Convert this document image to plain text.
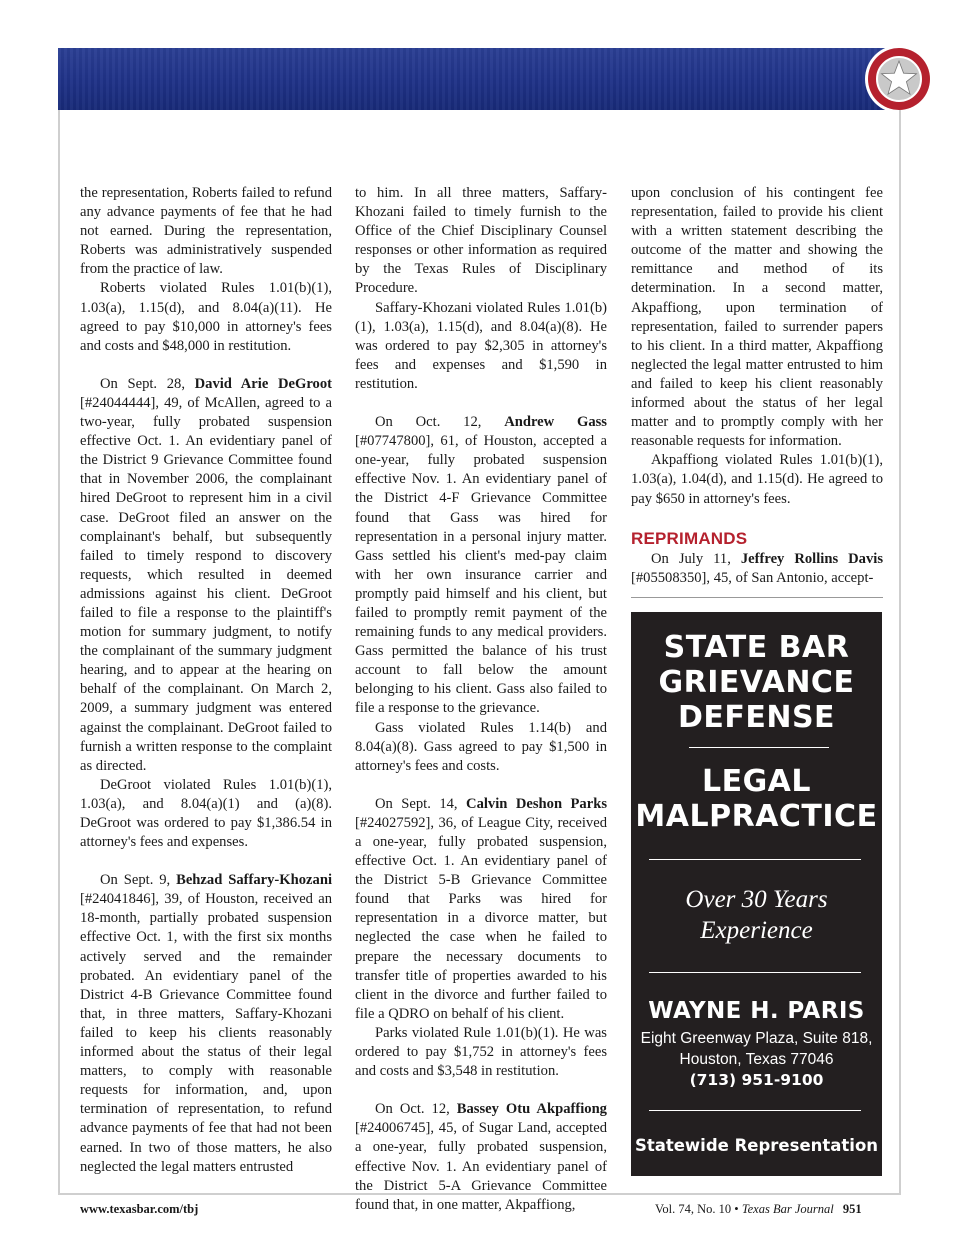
the representation, Roberts failed to refund any advance payments of fee that he had not earned. During the representation, Roberts was administratively suspended from the practice of law.

Roberts violated Rules 1.01(b)(1), 1.03(a), 1.15(d), and 8.04(a)(11). He agreed to pay $10,000 in attorney's fees and costs and $48,000 in restitution.

On Sept. 28, David Arie DeGroot [#24044444], 49, of McAllen, agreed to a two-year, fully probated suspension effective Oct. 1. An evidentiary panel of the District 9 Grievance Committee found that in November 2006, the complainant hired DeGroot to represent him in a civil case. DeGroot filed an answer on the complainant's behalf, but subsequently failed to timely respond to discovery requests, which resulted in deemed admissions against his client. DeGroot failed to file a response to the plaintiff's motion for summary judgment, to notify the complainant of the summary judgment hearing, and to appear at the hearing on behalf of the complainant. On March 2, 2009, a summary judgment was entered against the complainant. DeGroot failed to furnish a written response to the complaint as directed.

DeGroot violated Rules 1.01(b)(1), 1.03(a), and 8.04(a)(1) and (a)(8). DeGroot was ordered to pay $1,386.54 in attorney's fees and expenses.

On Sept. 9, Behzad Saffary-Khozani [#24041846], 39, of Houston, received an 18-month, partially probated suspension effective Oct. 1, with the first six months actively served and the remainder probated. An evidentiary panel of the District 4-B Grievance Committee found that, in three matters, Saffary-Khozani failed to keep his clients reasonably informed about the status of their legal matters, to comply with reasonable requests for information, and, upon termination of representation, to refund advance payments of fee that had not been earned. In two of those matters, he also neglected the legal matters entrusted

to him. In all three matters, Saffary-Khozani failed to timely furnish to the Office of the Chief Disciplinary Counsel responses or other information as required by the Texas Rules of Disciplinary Procedure.

Saffary-Khozani violated Rules 1.01(b)(1), 1.03(a), 1.15(d), and 8.04(a)(8). He was ordered to pay $2,305 in attorney's fees and expenses and $1,590 in restitution.

On Oct. 12, Andrew Gass [#07747800], 61, of Houston, accepted a one-year, fully probated suspension effective Nov. 1. An evidentiary panel of the District 4-F Grievance Committee found that Gass was hired for representation in a personal injury matter. Gass settled his client's med-pay claim with her own insurance carrier and promptly paid himself and his client, but failed to promptly remit payment of the remaining funds to any medical providers. Gass permitted the balance of his trust account to fall below the amount belonging to his client. Gass also failed to file a response to the grievance.

Gass violated Rules 1.14(b) and 8.04(a)(8). Gass agreed to pay $1,500 in attorney's fees and costs.

On Sept. 14, Calvin Deshon Parks [#24027592], 36, of League City, received a one-year, fully probated suspension, effective Oct. 1. An evidentiary panel of the District 5-B Grievance Committee found that Parks was hired for representation in a divorce matter, but neglected the case when he failed to prepare the necessary documents to transfer title of properties awarded to his client in the divorce and further failed to file a QDRO on behalf of his client.

Parks violated Rule 1.01(b)(1). He was ordered to pay $1,752 in attorney's fees and costs and $3,548 in restitution.

On Oct. 12, Bassey Otu Akpaffiong [#24006745], 45, of Sugar Land, accepted a one-year, fully probated suspension, effective Nov. 1. An evidentiary panel of the District 5-A Grievance Committee found that, in one matter, Akpaffiong,

upon conclusion of his contingent fee representation, failed to provide his client with a written statement describing the outcome of the matter and showing the remittance and method of its determination. In a second matter, Akpaffiong, upon termination of representation, failed to surrender papers to his client. In a third matter, Akpaffiong neglected the legal matter entrusted to him and failed to keep his client reasonably informed about the status of her legal matter and to promptly comply with her reasonable requests for information.

Akpaffiong violated Rules 1.01(b)(1), 1.03(a), 1.04(d), and 1.15(d). He agreed to pay $650 in attorney's fees.

REPRIMANDS

On July 11, Jeffrey Rollins Davis [#05508350], 45, of San Antonio, accept-

STATE BAR
GRIEVANCE
DEFENSE
LEGAL
MALPRACTICE
Over 30 Years
Experience
WAYNE H. PARIS
Eight Greenway Plaza, Suite 818,
Houston, Texas 77046
(713) 951-9100
Statewide Representation
www.texasbar.com/tbj	Vol. 74, No. 10 • Texas Bar Journal 951
